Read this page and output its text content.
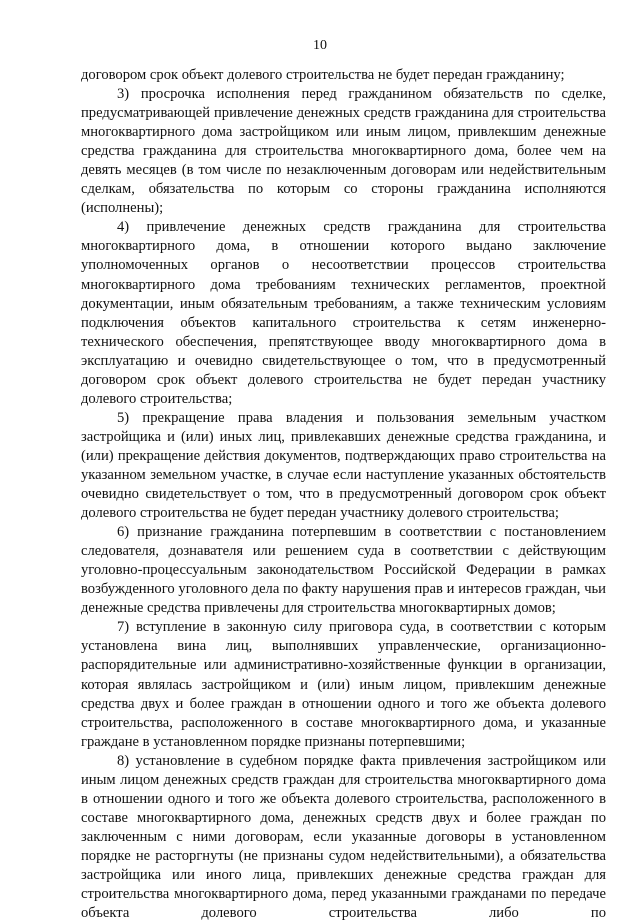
10

договором срок объект долевого строительства не будет передан гражданину;

3) просрочка исполнения перед гражданином обязательств по сделке, предусматривающей привлечение денежных средств гражданина для строительства многоквартирного дома застройщиком или иным лицом, привлекшим денежные средства гражданина для строительства многоквартирного дома, более чем на девять месяцев (в том числе по незаключенным договорам или недействительным сделкам, обязательства по которым со стороны гражданина исполняются (исполнены);

4) привлечение денежных средств гражданина для строительства многоквартирного дома, в отношении которого выдано заключение уполномоченных органов о несоответствии процессов строительства многоквартирного дома требованиям технических регламентов, проектной документации, иным обязательным требованиям, а также техническим условиям подключения объектов капитального строительства к сетям инженерно-технического обеспечения, препятствующее вводу многоквартирного дома в эксплуатацию и очевидно свидетельствующее о том, что в предусмотренный договором срок объект долевого строительства не будет передан участнику долевого строительства;

5) прекращение права владения и пользования земельным участком застройщика и (или) иных лиц, привлекавших денежные средства гражданина, и (или) прекращение действия документов, подтверждающих право строительства на указанном земельном участке, в случае если наступление указанных обстоятельств очевидно свидетельствует о том, что в предусмотренный договором срок объект долевого строительства не будет передан участнику долевого строительства;

6) признание гражданина потерпевшим в соответствии с постановлением следователя, дознавателя или решением суда в соответствии с действующим уголовно-процессуальным законодательством Российской Федерации в рамках возбужденного уголовного дела по факту нарушения прав и интересов граждан, чьи денежные средства привлечены для строительства многоквартирных домов;

7) вступление в законную силу приговора суда, в соответствии с которым установлена вина лиц, выполнявших управленческие, организационно-распорядительные или административно-хозяйственные функции в организации, которая являлась застройщиком и (или) иным лицом, привлекшим денежные средства двух и более граждан в отношении одного и того же объекта долевого строительства, расположенного в составе многоквартирного дома, и указанные граждане в установленном порядке признаны потерпевшими;

8) установление в судебном порядке факта привлечения застройщиком или иным лицом денежных средств граждан для строительства многоквартирного дома в отношении одного и того же объекта долевого строительства, расположенного в составе многоквартирного дома, денежных средств двух и более граждан по заключенным с ними договорам, если указанные договоры в установленном порядке не расторгнуты (не признаны судом недействительными), а обязательства застройщика или иного лица, привлекших денежные средства граждан для строительства многоквартирного дома, перед указанными гражданами по передаче объекта долевого строительства либо по
